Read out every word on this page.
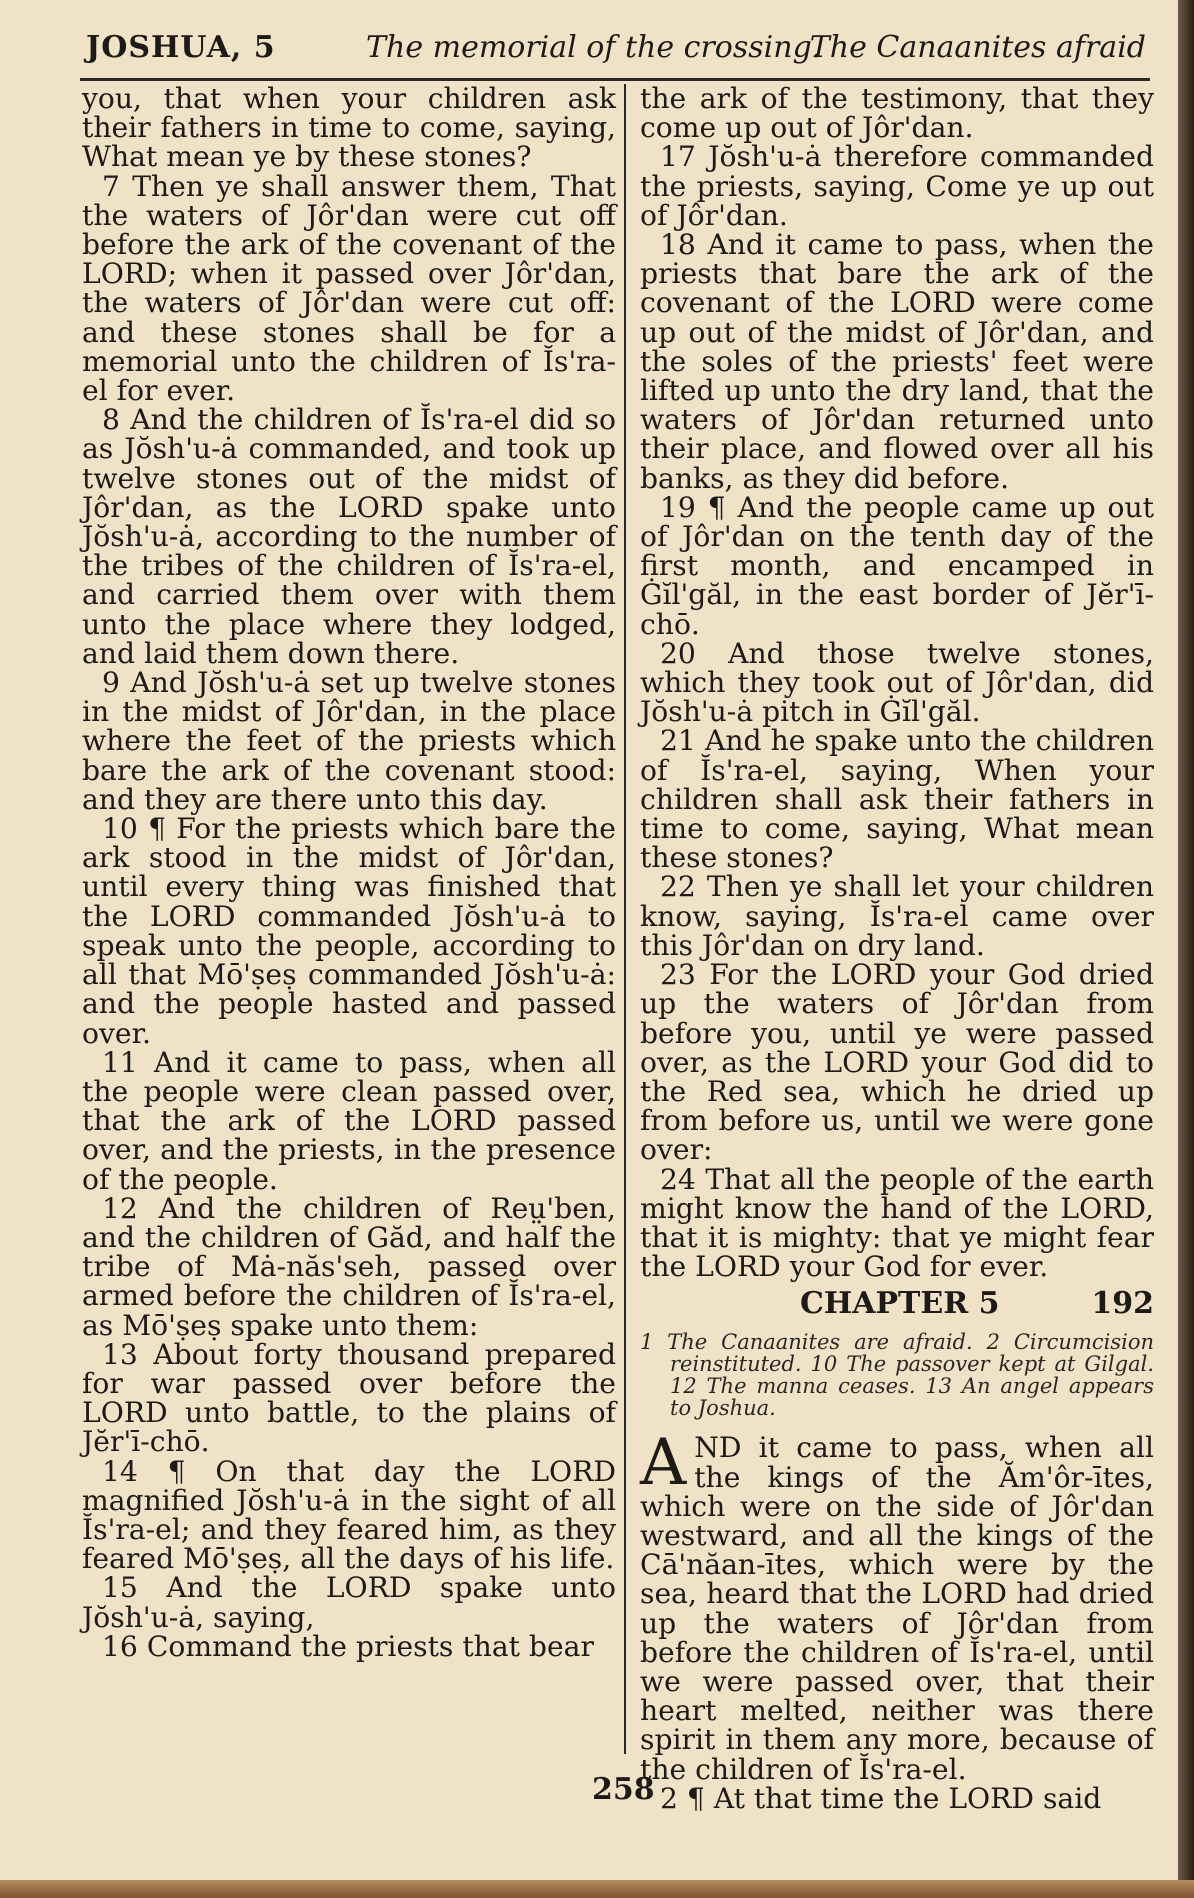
JOSHUA, 5	The memorial of the crossing.
The Canaanites afraid

you, that when your children ask their fathers in time to come, saying, What mean ye by these stones?

7 Then ye shall answer them, That the waters of Jôr'dan were cut off before the ark of the covenant of the LORD; when it passed over Jôr'dan, the waters of Jôr'dan were cut off: and these stones shall be for a memorial unto the children of Ĭs'ra-el for ever.

8 And the children of Ĭs'ra-el did so as Jŏsh'u-ȧ commanded, and took up twelve stones out of the midst of Jôr'dan, as the LORD spake unto Jŏsh'u-ȧ, according to the number of the tribes of the children of Ĭs'ra-el, and carried them over with them unto the place where they lodged, and laid them down there.

9 And Jŏsh'u-ȧ set up twelve stones in the midst of Jôr'dan, in the place where the feet of the priests which bare the ark of the covenant stood: and they are there unto this day.

10 ¶ For the priests which bare the ark stood in the midst of Jôr'dan, until every thing was finished that the LORD commanded Jŏsh'u-ȧ to speak unto the people, according to all that Mō'ṣeṣ commanded Jŏsh'u-ȧ: and the people hasted and passed over.

11 And it came to pass, when all the people were clean passed over, that the ark of the LORD passed over, and the priests, in the presence of the people.

12 And the children of Reṳ'ben, and the children of Găd, and half the tribe of Mȧ-năs'seh, passed over armed before the children of Ĭs'ra-el, as Mō'ṣeṣ spake unto them:

13 About forty thousand prepared for war passed over before the LORD unto battle, to the plains of Jĕr'ī-chō.

14 ¶ On that day the LORD magnified Jŏsh'u-ȧ in the sight of all Ĭs'ra-el; and they feared him, as they feared Mō'ṣeṣ, all the days of his life.

15 And the LORD spake unto Jŏsh'u-ȧ, saying,

16 Command the priests that bear

the ark of the testimony, that they come up out of Jôr'dan.

17 Jŏsh'u-ȧ therefore commanded the priests, saying, Come ye up out of Jôr'dan.

18 And it came to pass, when the priests that bare the ark of the covenant of the LORD were come up out of the midst of Jôr'dan, and the soles of the priests' feet were lifted up unto the dry land, that the waters of Jôr'dan returned unto their place, and flowed over all his banks, as they did before.

19 ¶ And the people came up out of Jôr'dan on the tenth day of the first month, and encamped in Ġĭl'găl, in the east border of Jĕr'ī-chō.

20 And those twelve stones, which they took out of Jôr'dan, did Jŏsh'u-ȧ pitch in Ġĭl'găl.

21 And he spake unto the children of Ĭs'ra-el, saying, When your children shall ask their fathers in time to come, saying, What mean these stones?

22 Then ye shall let your children know, saying, Ĭs'ra-el came over this Jôr'dan on dry land.

23 For the LORD your God dried up the waters of Jôr'dan from before you, until ye were passed over, as the LORD your God did to the Red sea, which he dried up from before us, until we were gone over:

24 That all the people of the earth might know the hand of the LORD, that it is mighty: that ye might fear the LORD your God for ever.

CHAPTER 5	192

1 The Canaanites are afraid. 2 Circumcision reinstituted. 10 The passover kept at Gilgal. 12 The manna ceases. 13 An angel appears to Joshua.

AND it came to pass, when all the kings of the Ăm'ôr-ītes, which were on the side of Jôr'dan westward, and all the kings of the Cā'năan-ītes, which were by the sea, heard that the LORD had dried up the waters of Jôr'dan from before the children of Ĭs'ra-el, until we were passed over, that their heart melted, neither was there spirit in them any more, because of the children of Ĭs'ra-el.

2 ¶ At that time the LORD said

258
